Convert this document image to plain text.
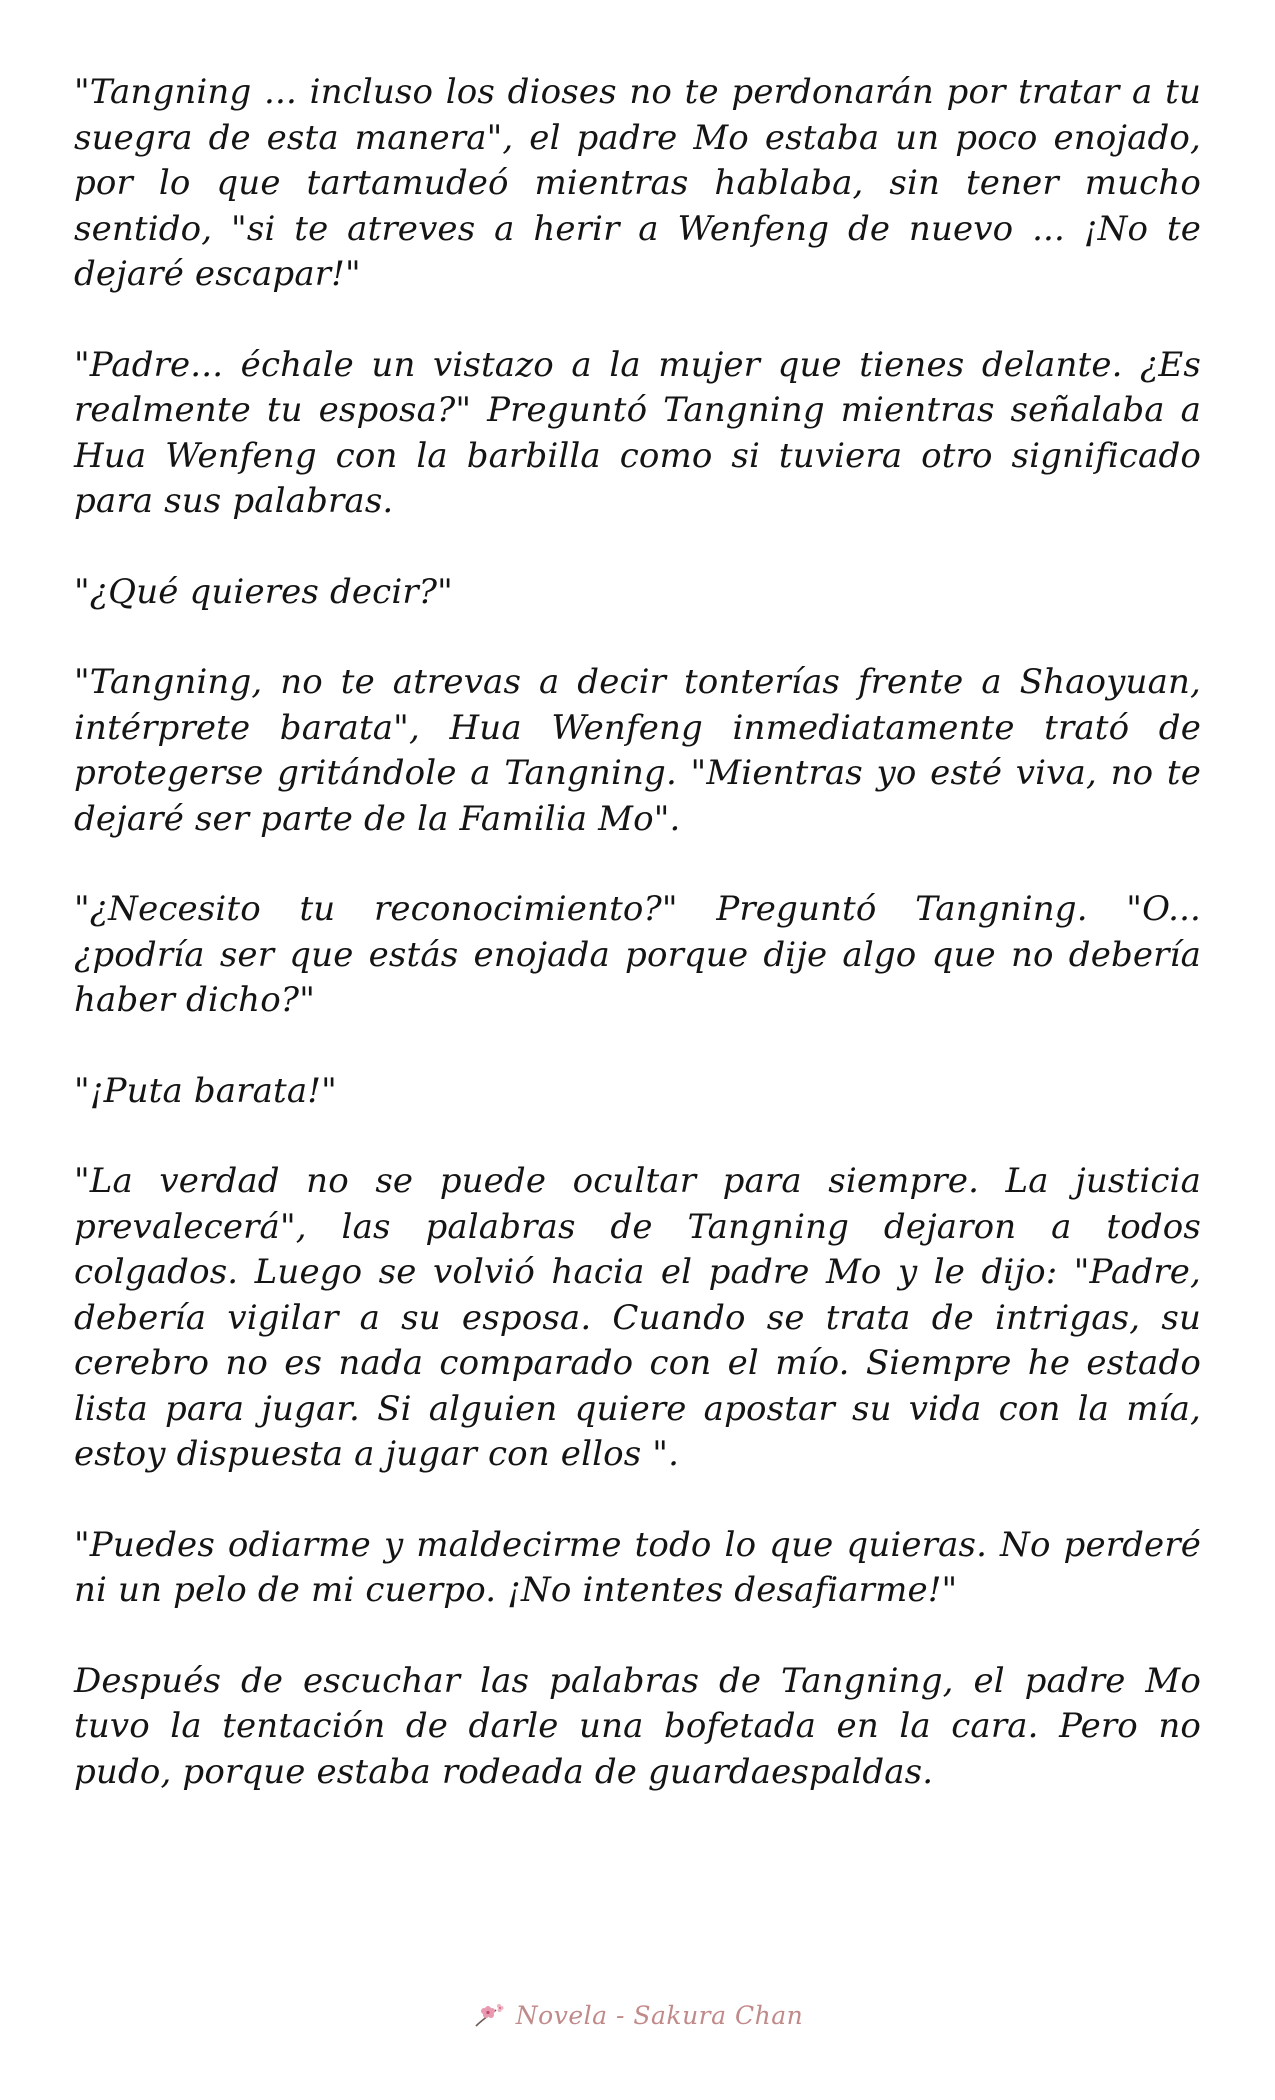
"Tangning ... incluso los dioses no te perdonarán por tratar a tu suegra de esta manera", el padre Mo estaba un poco enojado, por lo que tartamudeó mientras hablaba, sin tener mucho sentido, "si te atreves a herir a Wenfeng de nuevo ... ¡No te dejaré escapar!"

"Padre... échale un vistazo a la mujer que tienes delante. ¿Es realmente tu esposa?" Preguntó Tangning mientras señalaba a Hua Wenfeng con la barbilla como si tuviera otro significado para sus palabras.

"¿Qué quieres decir?"

"Tangning, no te atrevas a decir tonterías frente a Shaoyuan, intérprete barata", Hua Wenfeng inmediatamente trató de protegerse gritándole a Tangning. "Mientras yo esté viva, no te dejaré ser parte de la Familia Mo".

"¿Necesito tu reconocimiento?" Preguntó Tangning. "O... ¿podría ser que estás enojada porque dije algo que no debería haber dicho?"

"¡Puta barata!"

"La verdad no se puede ocultar para siempre. La justicia prevalecerá", las palabras de Tangning dejaron a todos colgados. Luego se volvió hacia el padre Mo y le dijo: "Padre, debería vigilar a su esposa. Cuando se trata de intrigas, su cerebro no es nada comparado con el mío. Siempre he estado lista para jugar. Si alguien quiere apostar su vida con la mía, estoy dispuesta a jugar con ellos ".

"Puedes odiarme y maldecirme todo lo que quieras. No perderé ni un pelo de mi cuerpo. ¡No intentes desafiarme!"

Después de escuchar las palabras de Tangning, el padre Mo tuvo la tentación de darle una bofetada en la cara. Pero no pudo, porque estaba rodeada de guardaespaldas.

Novela - Sakura Chan
